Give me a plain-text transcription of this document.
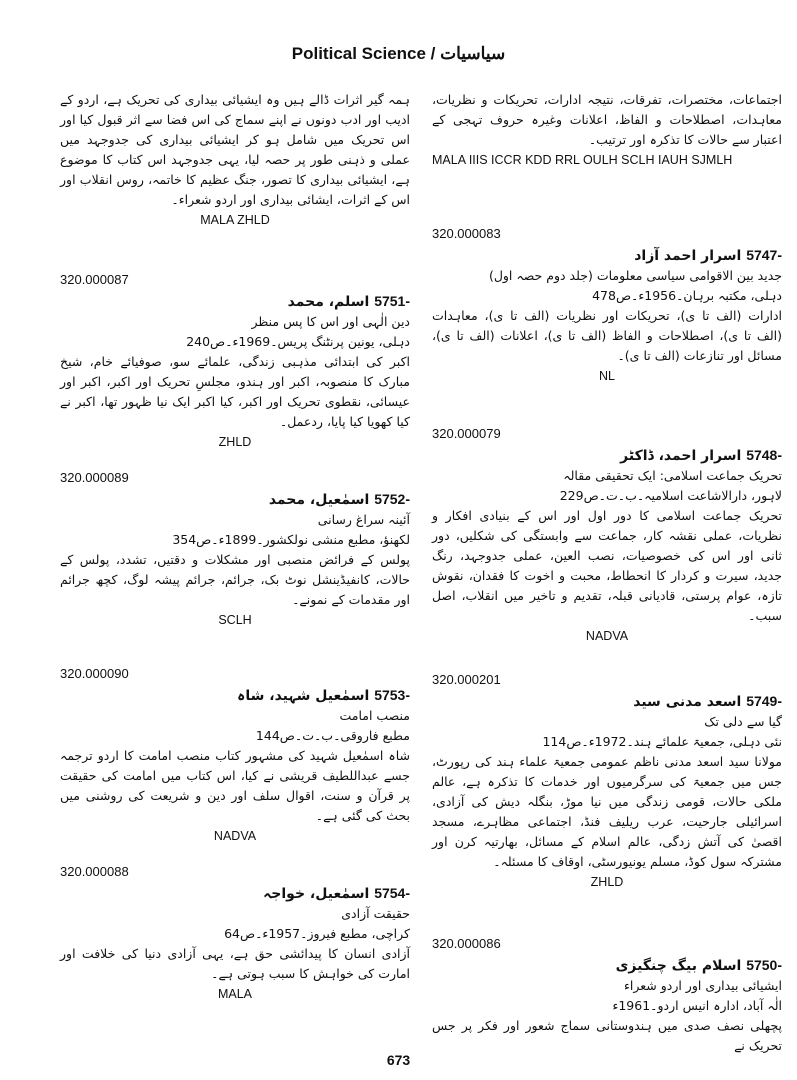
Political Science / سیاسیات
اجتماعات، مختصرات، تفرقات، نتیجہ ادارات، تحریکات و نظریات، معاہدات، اصطلاحات و الفاظ، اعلانات وغیرہ حروف تہجی کے اعتبار سے حالات کا تذکرہ اور ترتیب۔
MALA IIIS ICCR KDD RRL OULH SCLH IAUH SJMLH
320.000083
5747- اسرار احمد آزاد
جدید بین الاقوامی سیاسی معلومات (جلد دوم حصہ اول)
دہلی، مکتبہ برہان۔1956ء۔ص478
ادارات (الف تا ی)، تحریکات اور نظریات (الف تا ی)، معاہدات (الف تا ی)، اصطلاحات و الفاظ (الف تا ی)، اعلانات (الف تا ی)، مسائل اور تنازعات (الف تا ی)۔
NL
320.000079
5748- اسرار احمد، ڈاکٹر
تحریک جماعت اسلامی: ایک تحقیقی مقالہ
لاہور، دارالاشاعت اسلامیہ۔ب۔ت۔ص229
تحریک جماعت اسلامی کا دور اول اور اس کے بنیادی افکار و نظریات، عملی نقشہ کار، جماعت سے وابستگی کی شکلیں، دور ثانی اور اس کی خصوصیات، نصب العین، عملی جدوجہد، رنگ جدید، سیرت و کردار کا انحطاط، محبت و اخوت کا فقدان، نقوش تازہ، عوام پرستی، قادیانی قبلہ، تقدیم و تاخیر میں انقلاب، اصل سبب۔
NADVA
320.000201
5749- اسعد مدنی سید
گیا سے دلی تک
نئی دہلی، جمعیۃ علمائے ہند۔1972ء۔ص114
مولانا سید اسعد مدنی ناظم عمومی جمعیۃ علماء ہند کی رپورٹ، جس میں جمعیۃ کی سرگرمیوں اور خدمات کا تذکرہ ہے، عالم ملکی حالات، قومی زندگی میں نیا موڑ، بنگلہ دیش کی آزادی، اسرائیلی جارحیت، عرب ریلیف فنڈ، اجتماعی مظاہرے، مسجد اقصیٰ کی آتش زدگی، عالم اسلام کے مسائل، بھارتیہ کرن اور مشترکہ سول کوڈ، مسلم یونیورسٹی، اوقاف کا مسئلہ۔
ZHLD
320.000086
5750- اسلام بیگ چنگیزی
ایشیائی بیداری اور اردو شعراء
الٰہ آباد، ادارہ انیس اردو۔1961ء
پچھلی نصف صدی میں ہندوستانی سماج شعور اور فکر پر جس تحریک نے
ہمہ گیر اثرات ڈالے ہیں وہ ایشیائی بیداری کی تحریک ہے، اردو کے ادیب اور ادب دونوں نے اپنے سماج کی اس فضا سے اثر قبول کیا اور اس تحریک میں شامل ہو کر ایشیائی بیداری کی جدوجہد میں عملی و ذہنی طور پر حصہ لیا، یہی جدوجہد اس کتاب کا موضوع ہے، ایشیائی بیداری کا تصور، جنگ عظیم کا خاتمہ، روس انقلاب اور اس کے اثرات، ایشائی بیداری اور اردو شعراء۔
MALA ZHLD
320.000087
5751- اسلم، محمد
دین الٰہی اور اس کا پس منظر
دہلی، یونین پرنٹنگ پریس۔1969ء۔ص240
اکبر کی ابتدائی مذہبی زندگی، علمائے سو، صوفیائے خام، شیخ مبارک کا منصوبہ، اکبر اور ہندو، مجلسِ تحریک اور اکبر، اکبر اور عیسائی، نقطوی تحریک اور اکبر، کیا اکبر ایک نیا ظہور تھا، اکبر نے کیا کھویا کیا پایا، ردعمل۔
ZHLD
320.000089
5752- اسمٰعیل، محمد
آئینہ سراغ رسانی
لکھنؤ، مطبع منشی نولکشور۔1899ء۔ص354
پولس کے فرائض منصبی اور مشکلات و دقتیں، تشدد، پولس کے حالات، کانفیڈینشل نوٹ بک، جرائم، جرائم پیشہ لوگ، کچھ جرائم اور مقدمات کے نمونے۔
SCLH
320.000090
5753- اسمٰعیل شہید، شاہ
منصب امامت
مطبع فاروقی۔ب۔ت۔ص144
شاہ اسمٰعیل شہید کی مشہور کتاب منصب امامت کا اردو ترجمہ جسے عبداللطیف قریشی نے کیا، اس کتاب میں امامت کی حقیقت پر قرآن و سنت، اقوال سلف اور دین و شریعت کی روشنی میں بحث کی گئی ہے۔
NADVA
320.000088
5754- اسمٰعیل، خواجہ
حقیقت آزادی
کراچی، مطبع فیروز۔1957ء۔ص64
آزادی انسان کا پیدائشی حق ہے، یہی آزادی دنیا کی خلافت اور امارت کی خواہش کا سبب ہوتی ہے۔
MALA
673
